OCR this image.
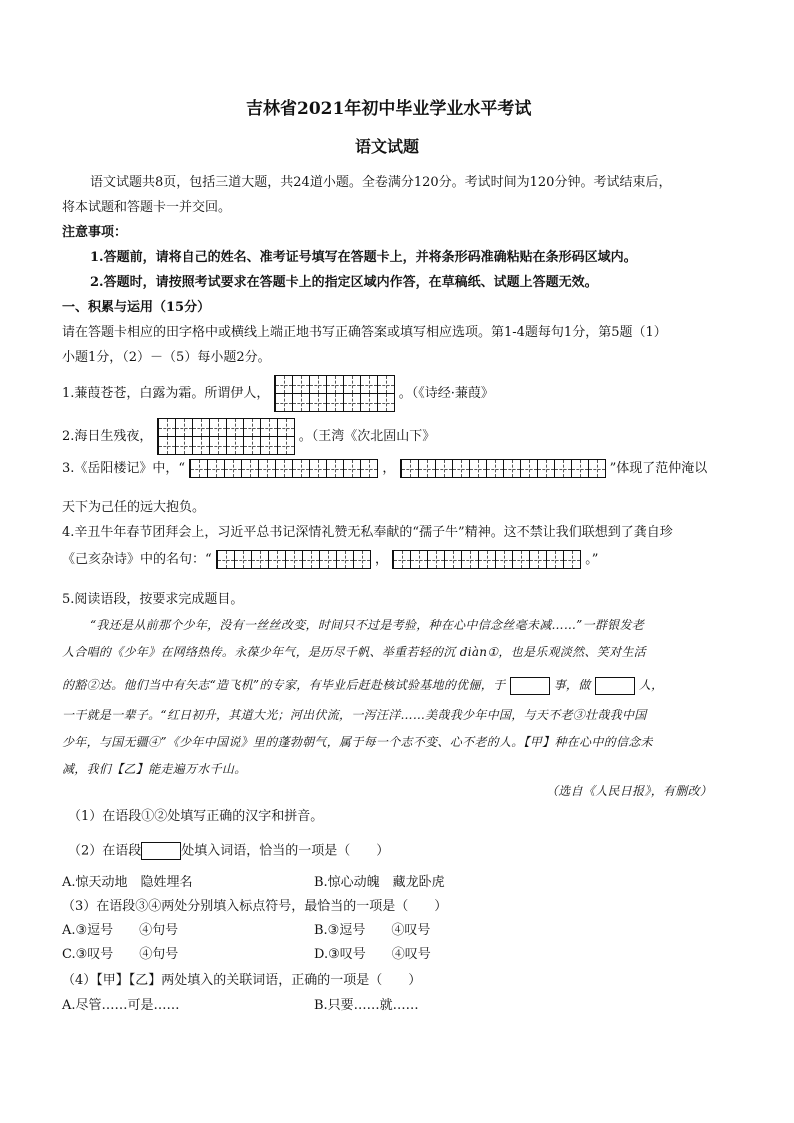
吉林省2021年初中毕业学业水平考试
语文试题
语文试题共8页，包括三道大题，共24道小题。全卷满分120分。考试时间为120分钟。考试结束后，
将本试题和答题卡一并交回。
注意事项：
1.答题前，请将自己的姓名、准考证号填写在答题卡上，并将条形码准确粘贴在条形码区域内。
2.答题时，请按照考试要求在答题卡上的指定区域内作答，在草稿纸、试题上答题无效。
一、积累与运用（15分）
请在答题卡相应的田字格中或横线上端正地书写正确答案或填写相应选项。第1-4题每句1分，第5题（1）
小题1分，（2）－（5）每小题2分。
1.蒹葭苍苍，白露为霜。所谓伊人，	。（《诗经·蒹葭》
2.海日生残夜，	。（王湾《次北固山下》
3.《岳阳楼记》中，“	，	”体现了范仲淹以
天下为己任的远大抱负。
4.辛丑牛年春节团拜会上，习近平总书记深情礼赞无私奉献的“孺子牛”精神。这不禁让我们联想到了龚自珍
《己亥杂诗》中的名句：“	，	。”
5.阅读语段，按要求完成题目。
“我还是从前那个少年，没有一丝丝改变，时间只不过是考验，种在心中信念丝毫未减……”一群银发老
人合唱的《少年》在网络热传。永葆少年气，是历尽千帆、举重若轻的沉 diàn①，也是乐观淡然、笑对生活
的豁②达。他们当中有矢志“造飞机”的专家，有毕业后赶赴核试验基地的优俪，于	事，做	人，
一干就是一辈子。“红日初升，其道大光；河出伏流，一泻汪洋……美哉我少年中国，与天不老③壮哉我中国
少年，与国无疆④”《少年中国说》里的蓬勃朝气，属于每一个志不变、心不老的人。【甲】种在心中的信念未
减，我们【乙】能走遍万水千山。
（选自《人民日报》，有删改）
（1）在语段①②处填写正确的汉字和拼音。
（2）在语段	处填入词语，恰当的一项是（　　）
A.惊天动地　隐姓埋名	B.惊心动魄　藏龙卧虎
（3）在语段③④两处分别填入标点符号，最恰当的一项是（　　）
A.③逗号　　④句号	B.③逗号　　④叹号
C.③叹号　　④句号	D.③叹号　　④叹号
（4）【甲】【乙】两处填入的关联词语，正确的一项是（　　）
A.尽管……可是……	B.只要……就……
